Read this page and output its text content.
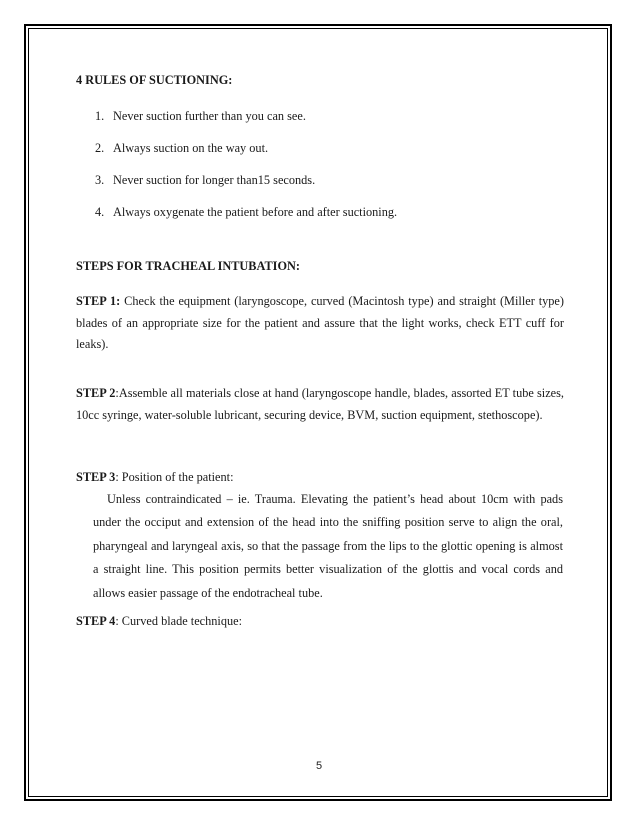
4 RULES OF SUCTIONING:
1. Never suction further than you can see.
2. Always suction on the way out.
3. Never suction for longer than15 seconds.
4. Always oxygenate the patient before and after suctioning.
STEPS FOR TRACHEAL INTUBATION:
STEP 1: Check the equipment (laryngoscope, curved (Macintosh type) and straight (Miller type) blades of an appropriate size for the patient and assure that the light works, check ETT cuff for leaks).
STEP 2:Assemble all materials close at hand (laryngoscope handle, blades, assorted ET tube sizes, 10cc syringe, water-soluble lubricant, securing device, BVM, suction equipment, stethoscope).
STEP 3: Position of the patient:
Unless contraindicated – ie. Trauma. Elevating the patient’s head about 10cm with pads under the occiput and extension of the head into the sniffing position serve to align the oral, pharyngeal and laryngeal axis, so that the passage from the lips to the glottic opening is almost a straight line. This position permits better visualization of the glottis and vocal cords and allows easier passage of the endotracheal tube.
STEP 4: Curved blade technique:
5
